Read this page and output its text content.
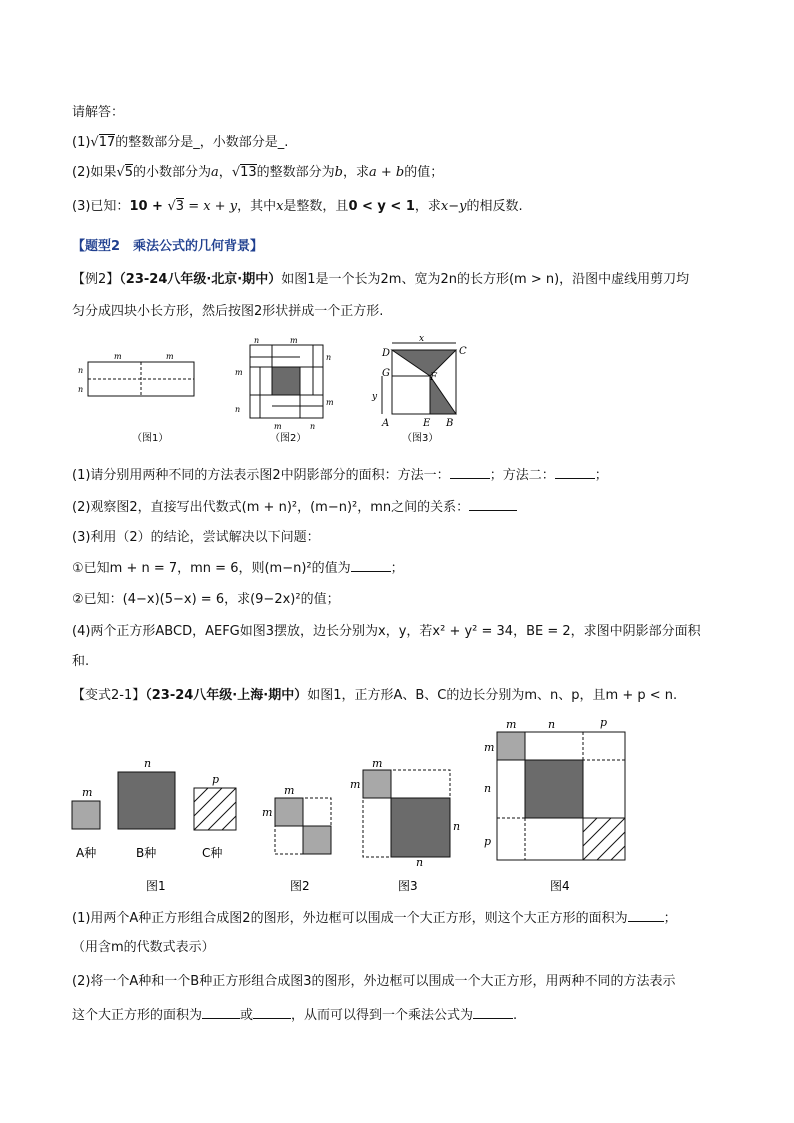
请解答：
(1)√17的整数部分是_，小数部分是_.
(2)如果√5的小数部分为a，√13的整数部分为b，求a + b的值；
(3)已知：10 + √3 = x + y，其中x是整数，且0 < y < 1，求x−y的相反数.
【题型2　乘法公式的几何背景】
【例2】（23-24八年级·北京·期中）如图1是一个长为2m、宽为2n的长方形(m > n)，沿图中虚线用剪刀均
匀分成四块小长方形，然后按图2形状拼成一个正方形.
m	m
n
n
（图1）
n	m
m
n
n
m
m	n
（图2）
x
y
D	C
G	F
A	E B
（图3）
(1)请分别用两种不同的方法表示图2中阴影部分的面积：方法一：	；方法二：	；
(2)观察图2，直接写出代数式(m + n)²，(m−n)²，mn之间的关系：
(3)利用（2）的结论，尝试解决以下问题：
①已知m + n = 7，mn = 6，则(m−n)²的值为	；
②已知：(4−x)(5−x) = 6，求(9−2x)²的值；
(4)两个正方形ABCD，AEFG如图3摆放，边长分别为x，y，若x² + y² = 34，BE = 2，求图中阴影部分面积
和.
【变式2-1】（23-24八年级·上海·期中）如图1，正方形A、B、C的边长分别为m、n、p，且m + p < n.
m
n
p
A种	B种	C种
图1
m
m
图2
m
m
n
n
图3
m	n	p
m
n
p
图4
(1)用两个A种正方形组合成图2的图形，外边框可以围成一个大正方形，则这个大正方形的面积为	；
（用含m的代数式表示）
(2)将一个A种和一个B种正方形组合成图3的图形，外边框可以围成一个大正方形，用两种不同的方法表示
这个大正方形的面积为	或	，从而可以得到一个乘法公式为	.
